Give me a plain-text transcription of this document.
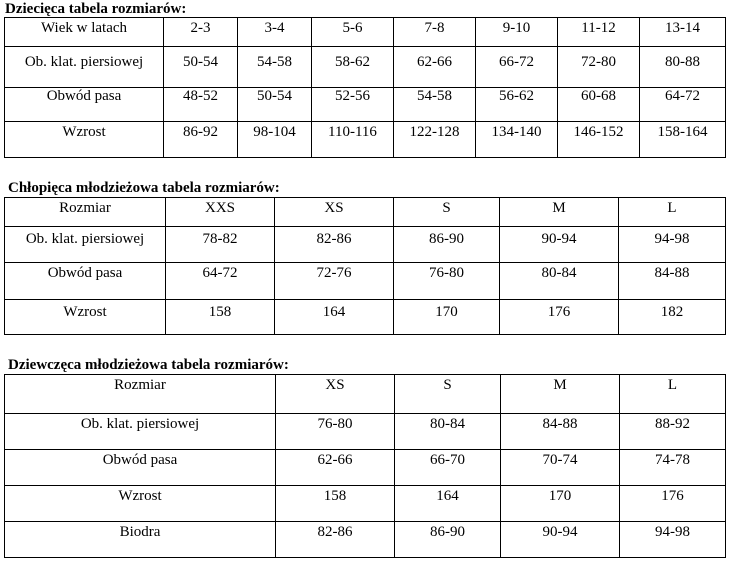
Dziecięca tabela rozmiarów:
Wiek w latach	2-3	3-4	5-6	7-8	9-10	11-12	13-14
Ob. klat. piersiowej	50-54	54-58	58-62	62-66	66-72	72-80	80-88
Obwód pasa	48-52	50-54	52-56	54-58	56-62	60-68	64-72
Wzrost	86-92	98-104	110-116	122-128	134-140	146-152	158-164
Chłopięca młodzieżowa tabela rozmiarów:
Rozmiar	XXS	XS	S	M	L
Ob. klat. piersiowej	78-82	82-86	86-90	90-94	94-98
Obwód pasa	64-72	72-76	76-80	80-84	84-88
Wzrost	158	164	170	176	182
Dziewczęca młodzieżowa tabela rozmiarów:
Rozmiar	XS	S	M	L
Ob. klat. piersiowej	76-80	80-84	84-88	88-92
Obwód pasa	62-66	66-70	70-74	74-78
Wzrost	158	164	170	176
Biodra	82-86	86-90	90-94	94-98
